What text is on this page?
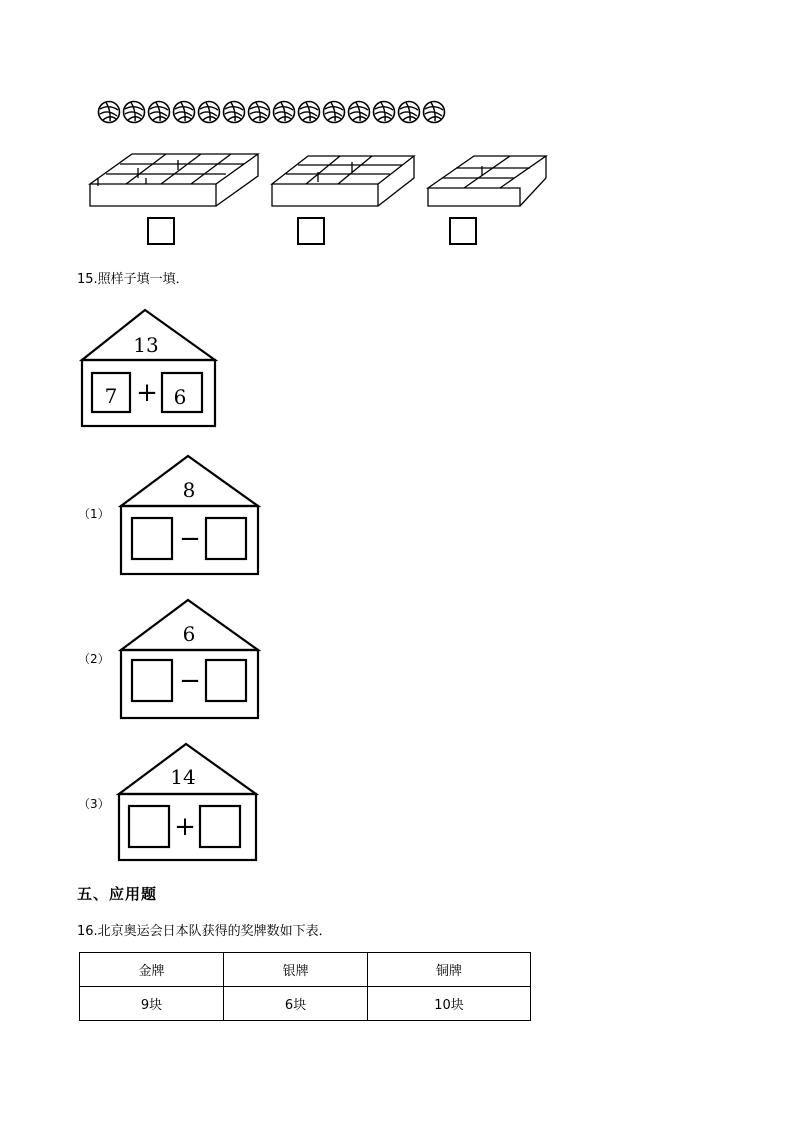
15.照样子填一填．
13
7 + 6
（1）
8
−
（2）
6
−
（3）
14
+
五、应用题
16.北京奥运会日本队获得的奖牌数如下表．
金牌	银牌	铜牌
9块	6块	10块
